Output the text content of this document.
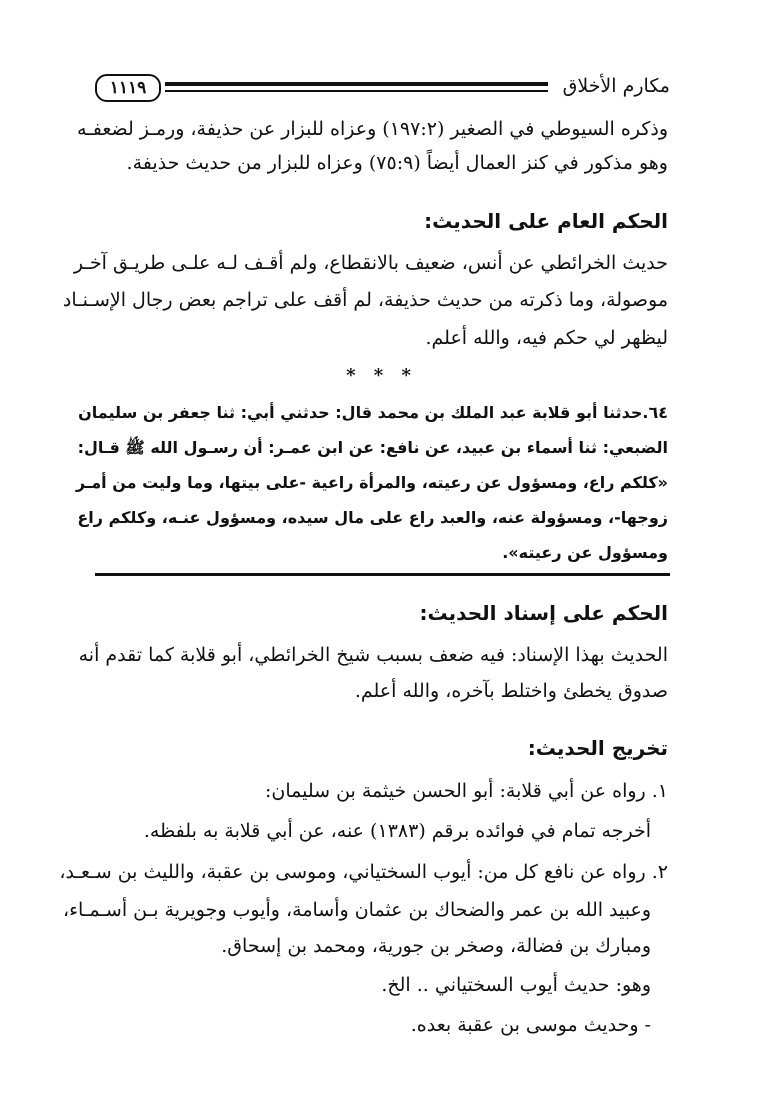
١١١٩	مكارم الأخلاق
وذكره السيوطي في الصغير (١٩٧:٢) وعزاه للبزار عن حذيفة، ورمـز لضعفـه
وهو مذكور في كنز العمال أيضاً (٧٥:٩) وعزاه للبزار من حديث حذيفة.
الحكم العام على الحديث:
حديث الخرائطي عن أنس، ضعيف بالانقطاع، ولم أقـف لـه علـى طريـق آخـر
موصولة، وما ذكرته من حديث حذيفة، لم أقف على تراجم بعض رجال الإسـنـاد
ليظهر لي حكم فيه، والله أعلم.
* * *
٦٤.حدثنا أبو قلابة عبد الملك بن محمد قال: حدثني أبي: ثنا جعفر بن سليمان
الضبعي: ثنا أسماء بن عبيد، عن نافع: عن ابن عمـر: أن رسـول الله ﷺ قـال:
«كلكم راع، ومسؤول عن رعيته، والمرأة راعية -على بيتها، وما وليت من أمـر
زوجها-، ومسؤولة عنه، والعبد راع على مال سيده، ومسؤول عنـه، وكلكم راع
ومسؤول عن رعيته».
الحكم على إسناد الحديث:
الحديث بهذا الإسناد: فيه ضعف بسبب شيخ الخرائطي، أبو قلابة كما تقدم أنه
صدوق يخطئ واختلط بآخره، والله أعلم.
تخريج الحديث:
١. رواه عن أبي قلابة: أبو الحسن خيثمة بن سليمان:
أخرجه تمام في فوائده برقم (١٣٨٣) عنه، عن أبي قلابة به بلفظه.
٢. رواه عن نافع كل من: أيوب السختياني، وموسى بن عقبة، والليث بن سـعـد،
وعبيد الله بن عمر والضحاك بن عثمان وأسامة، وأيوب وجويرية بـن أسـمـاء،
ومبارك بن فضالة، وصخر بن جورية، ومحمد بن إسحاق.
وهو: حديث أيوب السختياني .. الخ.
- وحديث موسى بن عقبة بعده.
